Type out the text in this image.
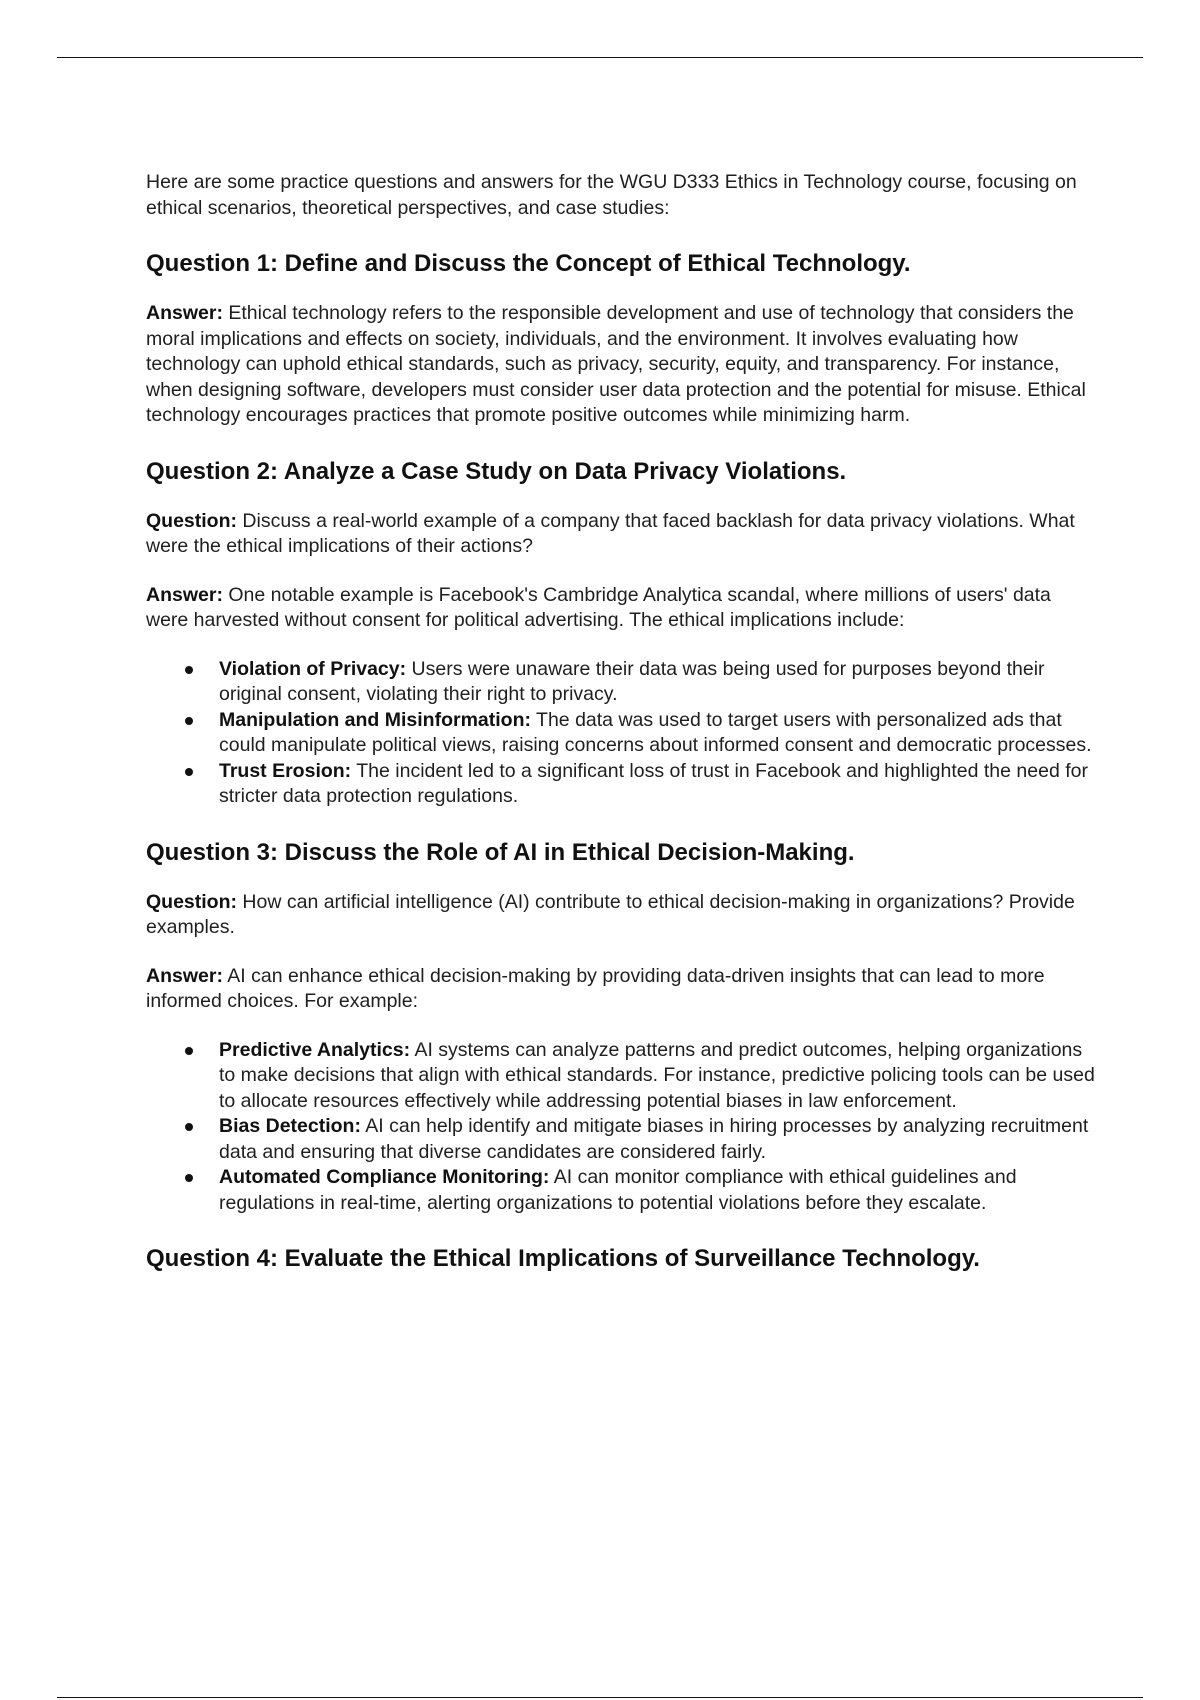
Here are some practice questions and answers for the WGU D333 Ethics in Technology course, focusing on ethical scenarios, theoretical perspectives, and case studies:

Question 1: Define and Discuss the Concept of Ethical Technology.

Answer: Ethical technology refers to the responsible development and use of technology that considers the moral implications and effects on society, individuals, and the environment. It involves evaluating how technology can uphold ethical standards, such as privacy, security, equity, and transparency. For instance, when designing software, developers must consider user data protection and the potential for misuse. Ethical technology encourages practices that promote positive outcomes while minimizing harm.

Question 2: Analyze a Case Study on Data Privacy Violations.

Question: Discuss a real-world example of a company that faced backlash for data privacy violations. What were the ethical implications of their actions?

Answer: One notable example is Facebook's Cambridge Analytica scandal, where millions of users' data were harvested without consent for political advertising. The ethical implications include:

Violation of Privacy: Users were unaware their data was being used for purposes beyond their original consent, violating their right to privacy.
Manipulation and Misinformation: The data was used to target users with personalized ads that could manipulate political views, raising concerns about informed consent and democratic processes.
Trust Erosion: The incident led to a significant loss of trust in Facebook and highlighted the need for stricter data protection regulations.
Question 3: Discuss the Role of AI in Ethical Decision-Making.

Question: How can artificial intelligence (AI) contribute to ethical decision-making in organizations? Provide examples.

Answer: AI can enhance ethical decision-making by providing data-driven insights that can lead to more informed choices. For example:

Predictive Analytics: AI systems can analyze patterns and predict outcomes, helping organizations to make decisions that align with ethical standards. For instance, predictive policing tools can be used to allocate resources effectively while addressing potential biases in law enforcement.
Bias Detection: AI can help identify and mitigate biases in hiring processes by analyzing recruitment data and ensuring that diverse candidates are considered fairly.
Automated Compliance Monitoring: AI can monitor compliance with ethical guidelines and regulations in real-time, alerting organizations to potential violations before they escalate.
Question 4: Evaluate the Ethical Implications of Surveillance Technology.
